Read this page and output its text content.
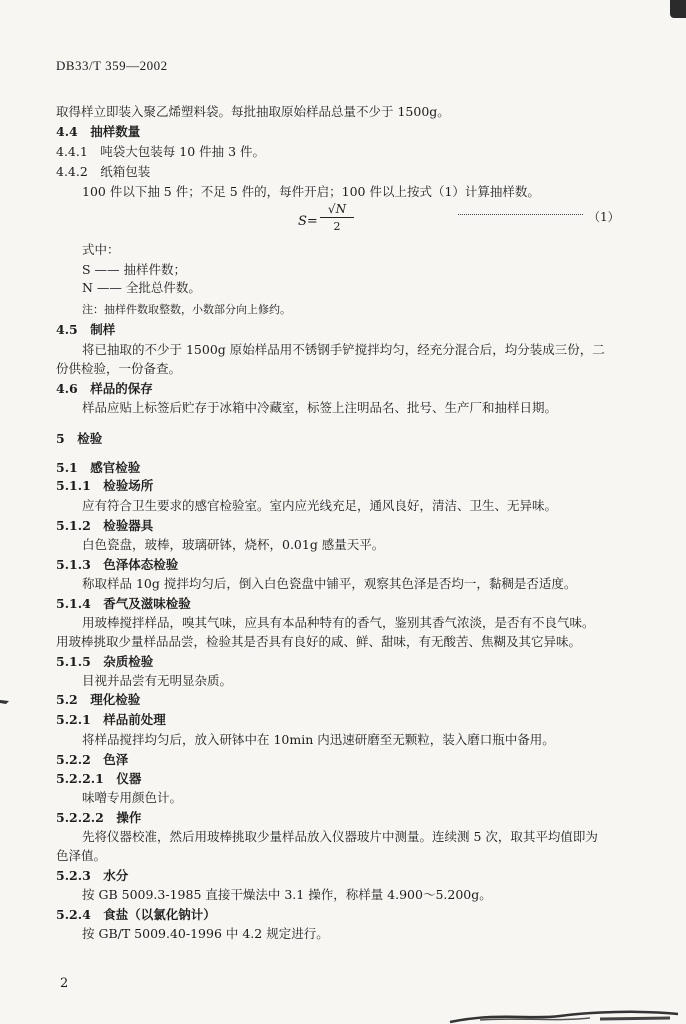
DB33/T 359—2002
取得样立即装入聚乙烯塑料袋。每批抽取原始样品总量不少于 1500g。
4.4　抽样数量
4.4.1　吨袋大包装每 10 件抽 3 件。
4.4.2　纸箱包装
100 件以下抽 5 件；不足 5 件的，每件开启；100 件以上按式（1）计算抽样数。
$S= \frac{√N}{2}$	（1）
式中：
S —— 抽样件数；
N —— 全批总件数。
注：抽样件数取整数，小数部分向上修约。
4.5　制样
将已抽取的不少于 1500g 原始样品用不锈钢手铲搅拌均匀，经充分混合后，均分装成三份，二
份供检验，一份备查。
4.6　样品的保存
样品应贴上标签后贮存于冰箱中冷藏室，标签上注明品名、批号、生产厂和抽样日期。
5　检验
5.1　感官检验
5.1.1　检验场所
应有符合卫生要求的感官检验室。室内应光线充足，通风良好，清洁、卫生、无异味。
5.1.2　检验器具
白色瓷盘，玻棒，玻璃研钵，烧杯，0.01g 感量天平。
5.1.3　色泽体态检验
称取样品 10g 搅拌均匀后，倒入白色瓷盘中铺平，观察其色泽是否均一，黏稠是否适度。
5.1.4　香气及滋味检验
用玻棒搅拌样品，嗅其气味，应具有本品种特有的香气，鉴别其香气浓淡，是否有不良气味。
用玻棒挑取少量样品品尝，检验其是否具有良好的咸、鲜、甜味，有无酸苦、焦糊及其它异味。
5.1.5　杂质检验
目视并品尝有无明显杂质。
5.2　理化检验
5.2.1　样品前处理
将样品搅拌均匀后，放入研钵中在 10min 内迅速研磨至无颗粒，装入磨口瓶中备用。
5.2.2　色泽
5.2.2.1　仪器
味噌专用颜色计。
5.2.2.2　操作
先将仪器校准，然后用玻棒挑取少量样品放入仪器玻片中测量。连续测 5 次，取其平均值即为
色泽值。
5.2.3　水分
按 GB 5009.3-1985 直接干燥法中 3.1 操作，称样量 4.900～5.200g。
5.2.4　食盐（以氯化钠计）
按 GB/T 5009.40-1996 中 4.2 规定进行。
2
